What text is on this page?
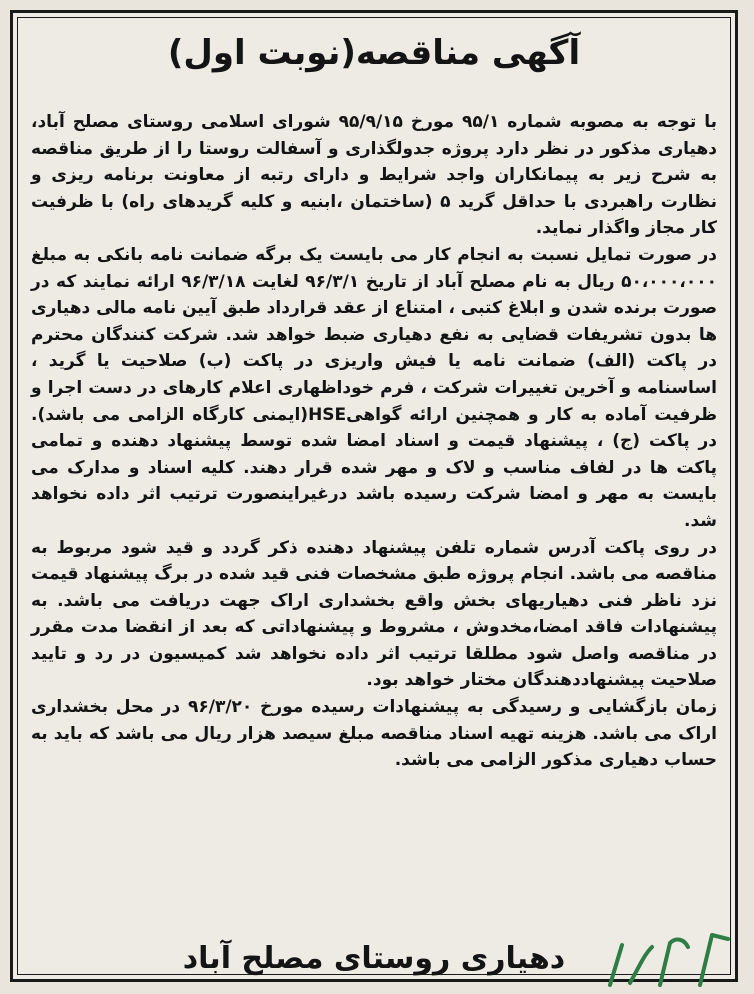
آگهی مناقصه(نوبت اول)

با توجه به مصوبه شماره ۹۵/۱ مورخ ۹۵/۹/۱۵ شورای اسلامی روستای مصلح آباد، دهیاری مذکور در نظر دارد پروژه جدولگذاری و آسفالت روستا را از طریق مناقصه به شرح زیر به پیمانکاران واجد شرایط و دارای رتبه از معاونت برنامه ریزی و نظارت راهبردی با حداقل گرید ۵ (ساختمان ،ابنیه و کلیه گریدهای راه) با ظرفیت کار مجاز واگذار نماید.

در صورت تمایل نسبت به انجام کار می بایست یک برگه ضمانت نامه بانکی به مبلغ ۵۰،۰۰۰،۰۰۰ ریال به نام مصلح آباد از تاریخ ۹۶/۳/۱ لغایت ۹۶/۳/۱۸ ارائه نمایند که در صورت برنده شدن و ابلاغ کتبی ، امتناع از عقد قرارداد طبق آیین نامه مالی دهیاری ها بدون تشریفات قضایی به نفع دهیاری ضبط خواهد شد. شرکت کنندگان محترم در پاکت (الف) ضمانت نامه یا فیش واریزی در پاکت (ب) صلاحیت یا گرید ، اساسنامه و آخرین تغییرات شرکت ، فرم خوداظهاری اعلام کارهای در دست اجرا و ظرفیت آماده به کار و همچنین ارائه گواهیHSE(ایمنی کارگاه الزامی می باشد). در پاکت (ج) ، پیشنهاد قیمت و اسناد امضا شده توسط پیشنهاد دهنده و تمامی پاکت ها در لفاف مناسب و لاک و مهر شده قرار دهند. کلیه اسناد و مدارک می بایست به مهر و امضا شرکت رسیده باشد درغیراینصورت ترتیب اثر داده نخواهد شد.

در روی پاکت آدرس شماره تلفن پیشنهاد دهنده ذکر گردد و قید شود مربوط به مناقصه می باشد. انجام پروژه طبق مشخصات فنی قید شده در برگ پیشنهاد قیمت نزد ناظر فنی دهیاریهای بخش واقع بخشداری اراک جهت دریافت می باشد. به پیشنهادات فاقد امضا،مخدوش ، مشروط و پیشنهاداتی که بعد از انقضا مدت مقرر در مناقصه واصل شود مطلقا ترتیب اثر داده نخواهد شد کمیسیون در رد و تایید صلاحیت پیشنهاددهندگان مختار خواهد بود.

زمان بازگشایی و رسیدگی به پیشنهادات رسیده مورخ ۹۶/۳/۲۰ در محل بخشداری اراک می باشد. هزینه تهیه اسناد مناقصه مبلغ سیصد هزار ریال می باشد که باید به حساب دهیاری مذکور الزامی می باشد.

دهیاری روستای مصلح آباد
